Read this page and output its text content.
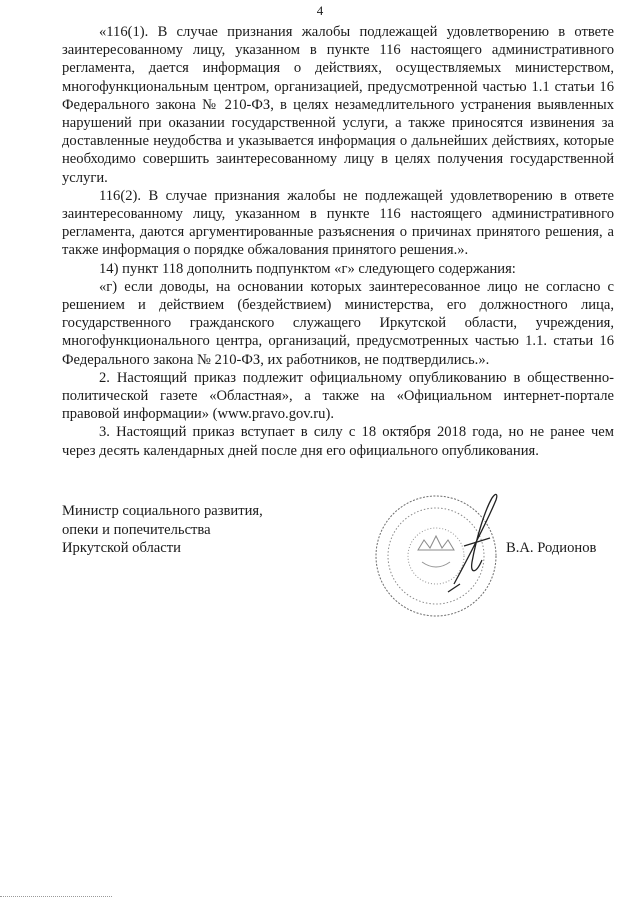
4

«116(1). В случае признания жалобы подлежащей удовлетворению в ответе заинтересованному лицу, указанном в пункте 116 настоящего административного регламента, дается информация о действиях, осуществляемых министерством, многофункциональным центром, организацией, предусмотренной частью 1.1 статьи 16 Федерального закона № 210-ФЗ, в целях незамедлительного устранения выявленных нарушений при оказании государственной услуги, а также приносятся извинения за доставленные неудобства и указывается информация о дальнейших действиях, которые необходимо совершить заинтересованному лицу в целях получения государственной услуги.

116(2). В случае признания жалобы не подлежащей удовлетворению в ответе заинтересованному лицу, указанном в пункте 116 настоящего административного регламента, даются аргументированные разъяснения о причинах принятого решения, а также информация о порядке обжалования принятого решения.».

14) пункт 118 дополнить подпунктом «г» следующего содержания:

«г) если доводы, на основании которых заинтересованное лицо не согласно с решением и действием (бездействием) министерства, его должностного лица, государственного гражданского служащего Иркутской области, учреждения, многофункционального центра, организаций, предусмотренных частью 1.1. статьи 16 Федерального закона № 210-ФЗ, их работников, не подтвердились.».

2. Настоящий приказ подлежит официальному опубликованию в общественно-политической газете «Областная», а также на «Официальном интернет-портале правовой информации» (www.pravo.gov.ru).

3. Настоящий приказ вступает в силу с 18 октября 2018 года, но не ранее чем через десять календарных дней после дня его официального опубликования.

Министр социального развития,
опеки и попечительства
Иркутской области	В.А. Родионов
